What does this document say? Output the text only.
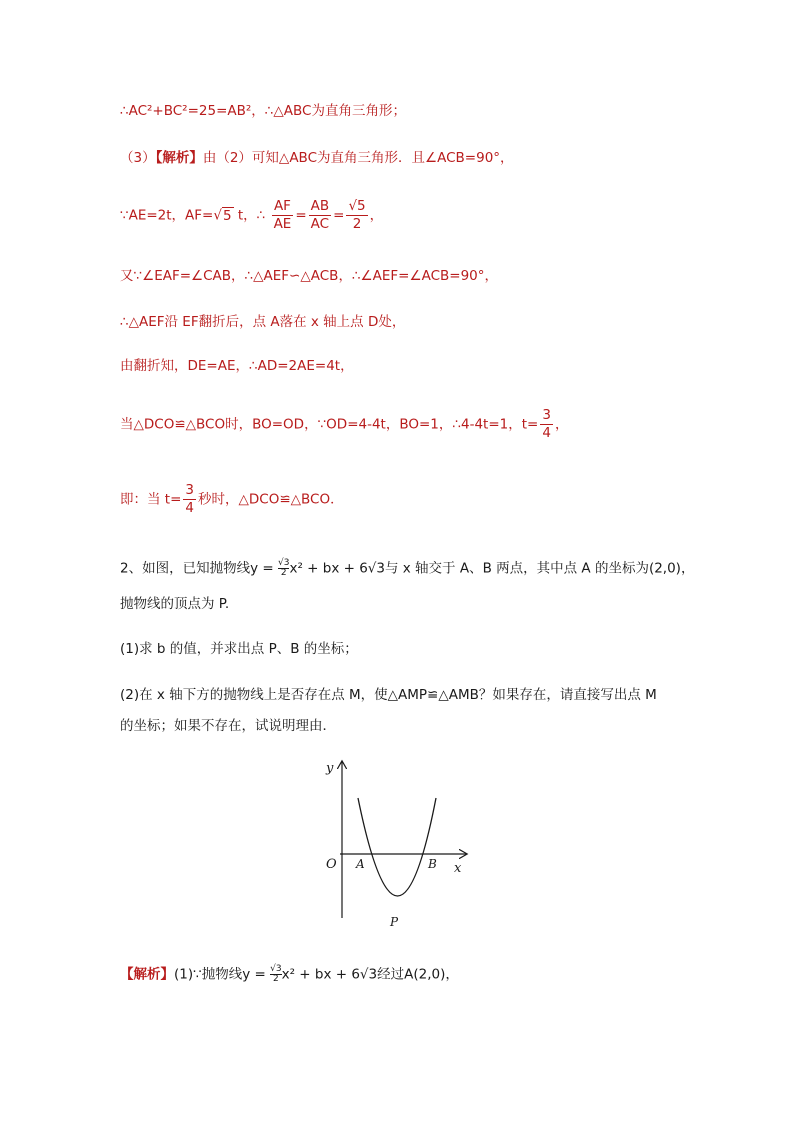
∴AC²+BC²=25=AB²，∴△ABC为直角三角形；
（3）【解析】由（2）可知△ABC为直角三角形．且∠ACB=90°，
∵AE=2t，AF=√5 t，∴ $\frac{AF}{AE} = \frac{AB}{AC} = \frac{√5}{2}$ ，
又∵∠EAF=∠CAB，∴△AEF∽△ACB，∴∠AEF=∠ACB=90°，
∴△AEF沿 EF翻折后，点 A落在 x 轴上点 D处，
由翻折知，DE=AE，∴AD=2AE=4t，
当△DCO≌△BCO时，BO=OD，∵OD=4-4t，BO=1，∴4-4t=1，$t= \frac{3}{4}$ ，
即：当 $t= \frac{3}{4}$ 秒时，△DCO≌△BCO．
2、如图，已知抛物线$y = \frac{√3}{2} x^2$ + bx + 6√3与 x 轴交于 A、B 两点，其中点 A 的坐标为(2,0)，
抛物线的顶点为 P.
(1)求 b 的值，并求出点 P、B 的坐标；
(2)在 x 轴下方的抛物线上是否存在点 M，使△AMP≌△AMB？如果存在，请直接写出点 M
的坐标；如果不存在，试说明理由．
y
x
O A	B
P
【解析】(1)∵抛物线$y = \frac{√3}{2} x^2$ + bx + 6√3经过A(2,0)，
